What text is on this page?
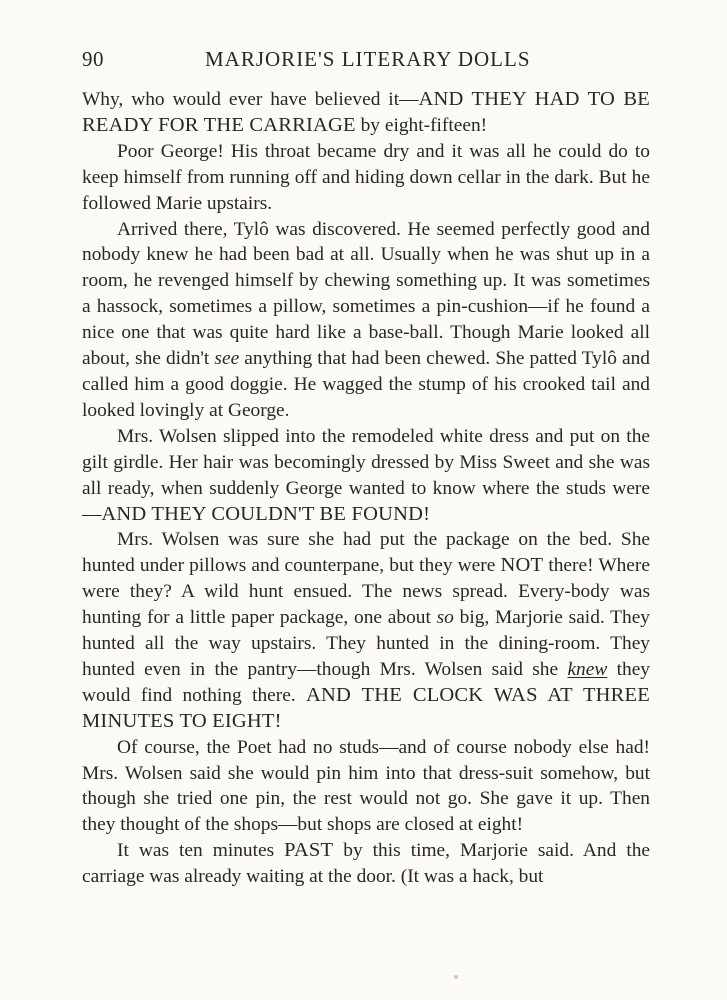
90	MARJORIE'S LITERARY DOLLS

Why, who would ever have believed it—AND THEY HAD TO BE READY FOR THE CARRIAGE by eight-fifteen!

Poor George! His throat became dry and it was all he could do to keep himself from running off and hiding down cellar in the dark. But he followed Marie upstairs.

Arrived there, Tylô was discovered. He seemed perfectly good and nobody knew he had been bad at all. Usually when he was shut up in a room, he revenged himself by chewing something up. It was sometimes a hassock, sometimes a pillow, sometimes a pin-cushion—if he found a nice one that was quite hard like a base-ball. Though Marie looked all about, she didn't see anything that had been chewed. She patted Tylô and called him a good doggie. He wagged the stump of his crooked tail and looked lovingly at George.

Mrs. Wolsen slipped into the remodeled white dress and put on the gilt girdle. Her hair was becomingly dressed by Miss Sweet and she was all ready, when suddenly George wanted to know where the studs were—AND THEY COULDN'T BE FOUND!

Mrs. Wolsen was sure she had put the package on the bed. She hunted under pillows and counterpane, but they were NOT there! Where were they? A wild hunt ensued. The news spread. Every-body was hunting for a little paper package, one about so big, Marjorie said. They hunted all the way upstairs. They hunted in the dining-room. They hunted even in the pantry—though Mrs. Wolsen said she knew they would find nothing there. AND THE CLOCK WAS AT THREE MINUTES TO EIGHT!

Of course, the Poet had no studs—and of course nobody else had! Mrs. Wolsen said she would pin him into that dress-suit somehow, but though she tried one pin, the rest would not go. She gave it up. Then they thought of the shops—but shops are closed at eight!

It was ten minutes PAST by this time, Marjorie said. And the carriage was already waiting at the door. (It was a hack, but
